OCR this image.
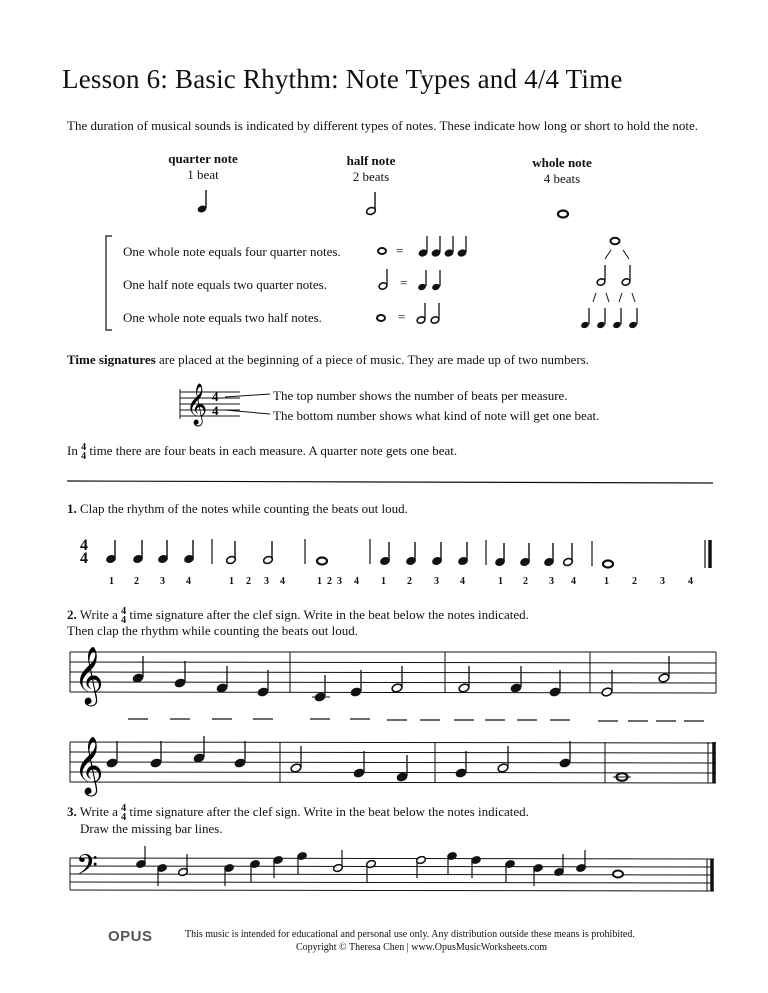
Lesson 6: Basic Rhythm: Note Types and 4/4 Time
The duration of musical sounds is indicated by different types of notes. These indicate how long or short to hold the note.
quarter note
1 beat
half note
2 beats
whole note
4 beats
=
=
=
𝄞 4
4
4
4
𝄞
𝄞
𝄢
One whole note equals four quarter notes.
One half note equals two quarter notes.
One whole note equals two half notes.
Time signatures are placed at the beginning of a piece of music. They are made up of two numbers.
The top number shows the number of beats per measure.
The bottom number shows what kind of note will get one beat.
In 4
4 time there are four beats in each measure. A quarter note gets one beat.
1. Clap the rhythm of the notes while counting the beats out loud.
1 2 3 4	1 2 3 4	1 2 3 4 1 2 3 4	1 2 3 4	1 2 3 4
2. Write a 4
4 time signature after the clef sign. Write in the beat below the notes indicated.
Then clap the rhythm while counting the beats out loud.
3. Write a 4
4 time signature after the clef sign. Write in the beat below the notes indicated.
Draw the missing bar lines.
OPUS	This music is intended for educational and personal use only. Any distribution outside these means is prohibited.
Copyright © Theresa Chen | www.OpusMusicWorksheets.com
